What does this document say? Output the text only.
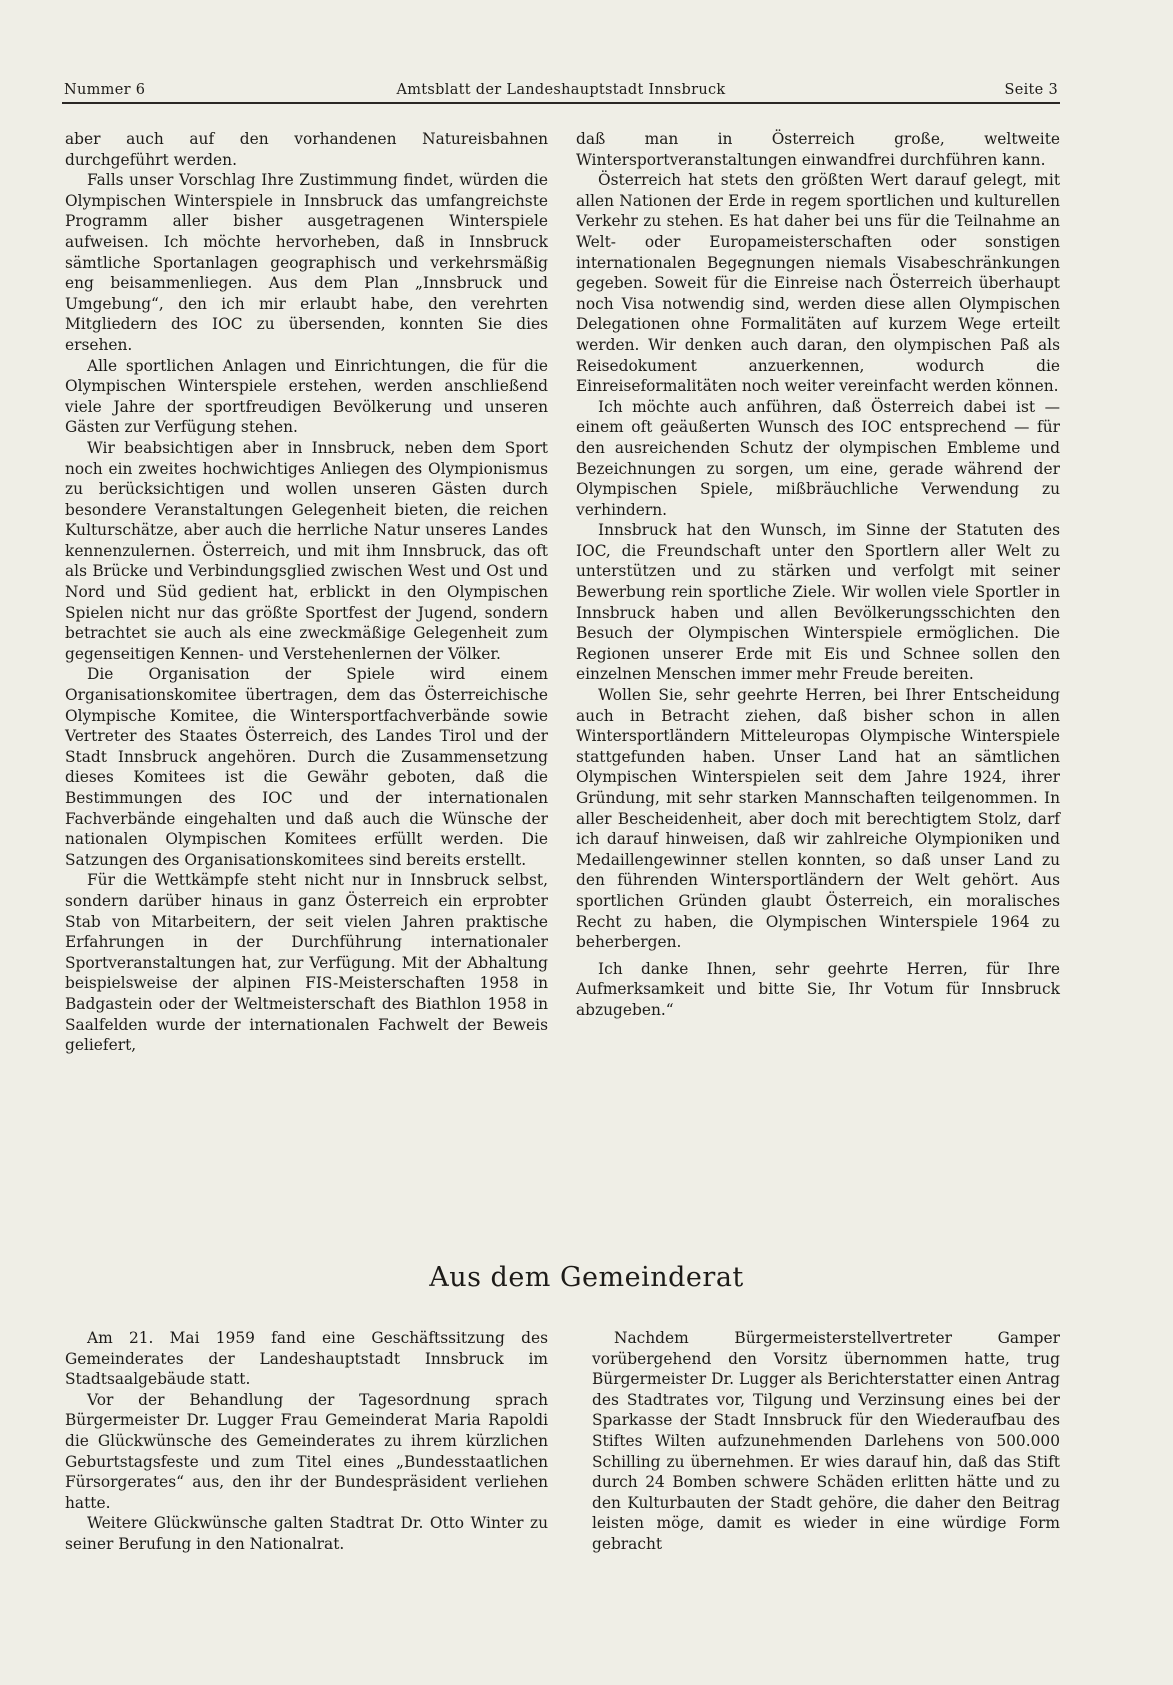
Nummer 6	Amtsblatt der Landeshauptstadt Innsbruck	Seite 3

aber auch auf den vorhandenen Natureisbahnen durchgeführt werden.

Falls unser Vorschlag Ihre Zustimmung findet, würden die Olympischen Winterspiele in Innsbruck das umfangreichste Programm aller bisher ausgetragenen Winterspiele aufweisen. Ich möchte hervorheben, daß in Innsbruck sämtliche Sportanlagen geographisch und verkehrsmäßig eng beisammenliegen. Aus dem Plan „Innsbruck und Umgebung“, den ich mir erlaubt habe, den verehrten Mitgliedern des IOC zu übersenden, konnten Sie dies ersehen.

Alle sportlichen Anlagen und Einrichtungen, die für die Olympischen Winterspiele erstehen, werden anschließend viele Jahre der sportfreudigen Bevölkerung und unseren Gästen zur Verfügung stehen.

Wir beabsichtigen aber in Innsbruck, neben dem Sport noch ein zweites hochwichtiges Anliegen des Olympionismus zu berücksichtigen und wollen unseren Gästen durch besondere Veranstaltungen Gelegenheit bieten, die reichen Kulturschätze, aber auch die herrliche Natur unseres Landes kennenzulernen. Österreich, und mit ihm Innsbruck, das oft als Brücke und Verbindungsglied zwischen West und Ost und Nord und Süd gedient hat, erblickt in den Olympischen Spielen nicht nur das größte Sportfest der Jugend, sondern betrachtet sie auch als eine zweckmäßige Gelegenheit zum gegenseitigen Kennen- und Verstehenlernen der Völker.

Die Organisation der Spiele wird einem Organisationskomitee übertragen, dem das Österreichische Olympische Komitee, die Wintersportfachverbände sowie Vertreter des Staates Österreich, des Landes Tirol und der Stadt Innsbruck angehören. Durch die Zusammensetzung dieses Komitees ist die Gewähr geboten, daß die Bestimmungen des IOC und der internationalen Fachverbände eingehalten und daß auch die Wünsche der nationalen Olympischen Komitees erfüllt werden. Die Satzungen des Organisationskomitees sind bereits erstellt.

Für die Wettkämpfe steht nicht nur in Innsbruck selbst, sondern darüber hinaus in ganz Österreich ein erprobter Stab von Mitarbeitern, der seit vielen Jahren praktische Erfahrungen in der Durchführung internationaler Sportveranstaltungen hat, zur Verfügung. Mit der Abhaltung beispielsweise der alpinen FIS-Meisterschaften 1958 in Badgastein oder der Weltmeisterschaft des Biathlon 1958 in Saalfelden wurde der internationalen Fachwelt der Beweis geliefert,

daß man in Österreich große, weltweite Wintersportveranstaltungen einwandfrei durchführen kann.

Österreich hat stets den größten Wert darauf gelegt, mit allen Nationen der Erde in regem sportlichen und kulturellen Verkehr zu stehen. Es hat daher bei uns für die Teilnahme an Welt- oder Europameisterschaften oder sonstigen internationalen Begegnungen niemals Visabeschränkungen gegeben. Soweit für die Einreise nach Österreich überhaupt noch Visa notwendig sind, werden diese allen Olympischen Delegationen ohne Formalitäten auf kurzem Wege erteilt werden. Wir denken auch daran, den olympischen Paß als Reisedokument anzuerkennen, wodurch die Einreiseformalitäten noch weiter vereinfacht werden können.

Ich möchte auch anführen, daß Österreich dabei ist — einem oft geäußerten Wunsch des IOC entsprechend — für den ausreichenden Schutz der olympischen Embleme und Bezeichnungen zu sorgen, um eine, gerade während der Olympischen Spiele, mißbräuchliche Verwendung zu verhindern.

Innsbruck hat den Wunsch, im Sinne der Statuten des IOC, die Freundschaft unter den Sportlern aller Welt zu unterstützen und zu stärken und verfolgt mit seiner Bewerbung rein sportliche Ziele. Wir wollen viele Sportler in Innsbruck haben und allen Bevölkerungsschichten den Besuch der Olympischen Winterspiele ermöglichen. Die Regionen unserer Erde mit Eis und Schnee sollen den einzelnen Menschen immer mehr Freude bereiten.

Wollen Sie, sehr geehrte Herren, bei Ihrer Entscheidung auch in Betracht ziehen, daß bisher schon in allen Wintersportländern Mitteleuropas Olympische Winterspiele stattgefunden haben. Unser Land hat an sämtlichen Olympischen Winterspielen seit dem Jahre 1924, ihrer Gründung, mit sehr starken Mannschaften teilgenommen. In aller Bescheidenheit, aber doch mit berechtigtem Stolz, darf ich darauf hinweisen, daß wir zahlreiche Olympioniken und Medaillengewinner stellen konnten, so daß unser Land zu den führenden Wintersportländern der Welt gehört. Aus sportlichen Gründen glaubt Österreich, ein moralisches Recht zu haben, die Olympischen Winterspiele 1964 zu beherbergen.

Ich danke Ihnen, sehr geehrte Herren, für Ihre Aufmerksamkeit und bitte Sie, Ihr Votum für Innsbruck abzugeben.“

Aus dem Gemeinderat

Am 21. Mai 1959 fand eine Geschäftssitzung des Gemeinderates der Landeshauptstadt Innsbruck im Stadtsaalgebäude statt.

Vor der Behandlung der Tagesordnung sprach Bürgermeister Dr. Lugger Frau Gemeinderat Maria Rapoldi die Glückwünsche des Gemeinderates zu ihrem kürzlichen Geburtstagsfeste und zum Titel eines „Bundesstaatlichen Fürsorgerates“ aus, den ihr der Bundespräsident verliehen hatte.

Weitere Glückwünsche galten Stadtrat Dr. Otto Winter zu seiner Berufung in den Nationalrat.

Nachdem Bürgermeisterstellvertreter Gamper vorübergehend den Vorsitz übernommen hatte, trug Bürgermeister Dr. Lugger als Berichterstatter einen Antrag des Stadtrates vor, Tilgung und Verzinsung eines bei der Sparkasse der Stadt Innsbruck für den Wiederaufbau des Stiftes Wilten aufzunehmenden Darlehens von 500.000 Schilling zu übernehmen. Er wies darauf hin, daß das Stift durch 24 Bomben schwere Schäden erlitten hätte und zu den Kulturbauten der Stadt gehöre, die daher den Beitrag leisten möge, damit es wieder in eine würdige Form gebracht
